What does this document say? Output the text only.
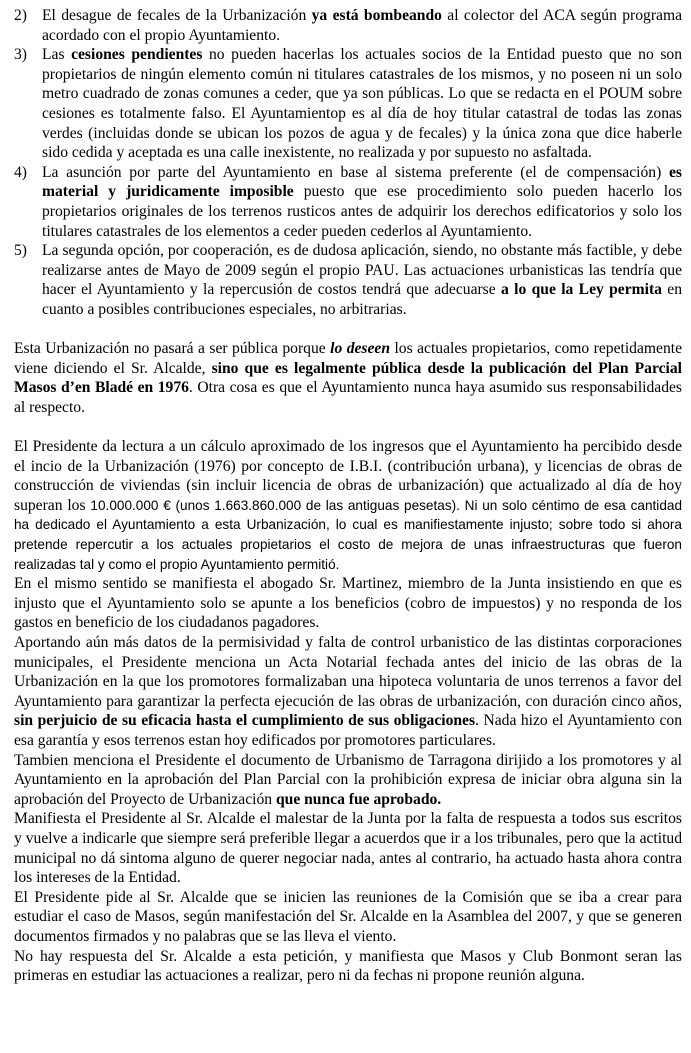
2) El desague de fecales de la Urbanización ya está bombeando al colector del ACA según programa acordado con el propio Ayuntamiento.
3) Las cesiones pendientes no pueden hacerlas los actuales socios de la Entidad puesto que no son propietarios de ningún elemento común ni titulares catastrales de los mismos, y no poseen ni un solo metro cuadrado de zonas comunes a ceder, que ya son públicas. Lo que se redacta en el POUM sobre cesiones es totalmente falso. El Ayuntamientop es al día de hoy titular catastral de todas las zonas verdes (incluidas donde se ubican los pozos de agua y de fecales) y la única zona que dice haberle sido cedida y aceptada es una calle inexistente, no realizada y por supuesto no asfaltada.
4) La asunción por parte del Ayuntamiento en base al sistema preferente (el de compensación) es material y juridicamente imposible puesto que ese procedimiento solo pueden hacerlo los propietarios originales de los terrenos rusticos antes de adquirir los derechos edificatorios y solo los titulares catastrales de los elementos a ceder pueden cederlos al Ayuntamiento.
5) La segunda opción, por cooperación, es de dudosa aplicación, siendo, no obstante más factible, y debe realizarse antes de Mayo de 2009 según el propio PAU. Las actuaciones urbanisticas las tendría que hacer el Ayuntamiento y la repercusión de costos tendrá que adecuarse a lo que la Ley permita en cuanto a posibles contribuciones especiales, no arbitrarias.

Esta Urbanización no pasará a ser pública porque lo deseen los actuales propietarios, como repetidamente viene diciendo el Sr. Alcalde, sino que es legalmente pública desde la publicación del Plan Parcial Masos d’en Bladé en 1976. Otra cosa es que el Ayuntamiento nunca haya asumido sus responsabilidades al respecto.

El Presidente da lectura a un cálculo aproximado de los ingresos que el Ayuntamiento ha percibido desde el incio de la Urbanización (1976) por concepto de I.B.I. (contribución urbana), y licencias de obras de construcción de viviendas (sin incluir licencia de obras de urbanización) que actualizado al día de hoy superan los 10.000.000 € (unos 1.663.860.000 de las antiguas pesetas). Ni un solo céntimo de esa cantidad ha dedicado el Ayuntamiento a esta Urbanización, lo cual es manifiestamente injusto; sobre todo si ahora pretende repercutir a los actuales propietarios el costo de mejora de unas infraestructuras que fueron realizadas tal y como el propio Ayuntamiento permitió.

En el mismo sentido se manifiesta el abogado Sr. Martinez, miembro de la Junta insistiendo en que es injusto que el Ayuntamiento solo se apunte a los beneficios (cobro de impuestos) y no responda de los gastos en beneficio de los ciudadanos pagadores.

Aportando aún más datos de la permisividad y falta de control urbanistico de las distintas corporaciones municipales, el Presidente menciona un Acta Notarial fechada antes del inicio de las obras de la Urbanización en la que los promotores formalizaban una hipoteca voluntaria de unos terrenos a favor del Ayuntamiento para garantizar la perfecta ejecución de las obras de urbanización, con duración cinco años, sin perjuicio de su eficacia hasta el cumplimiento de sus obligaciones. Nada hizo el Ayuntamiento con esa garantía y esos terrenos estan hoy edificados por promotores particulares.

Tambien menciona el Presidente el documento de Urbanismo de Tarragona dirijido a los promotores y al Ayuntamiento en la aprobación del Plan Parcial con la prohibición expresa de iniciar obra alguna sin la aprobación del Proyecto de Urbanización que nunca fue aprobado.

Manifiesta el Presidente al Sr. Alcalde el malestar de la Junta por la falta de respuesta a todos sus escritos y vuelve a indicarle que siempre será preferible llegar a acuerdos que ir a los tribunales, pero que la actitud municipal no dá sintoma alguno de querer negociar nada, antes al contrario, ha actuado hasta ahora contra los intereses de la Entidad.

El Presidente pide al Sr. Alcalde que se inicien las reuniones de la Comisión que se iba a crear para estudiar el caso de Masos, según manifestación del Sr. Alcalde en la Asamblea del 2007, y que se generen documentos firmados y no palabras que se las lleva el viento.

No hay respuesta del Sr. Alcalde a esta petición, y manifiesta que Masos y Club Bonmont seran las primeras en estudiar las actuaciones a realizar, pero ni da fechas ni propone reunión alguna.
